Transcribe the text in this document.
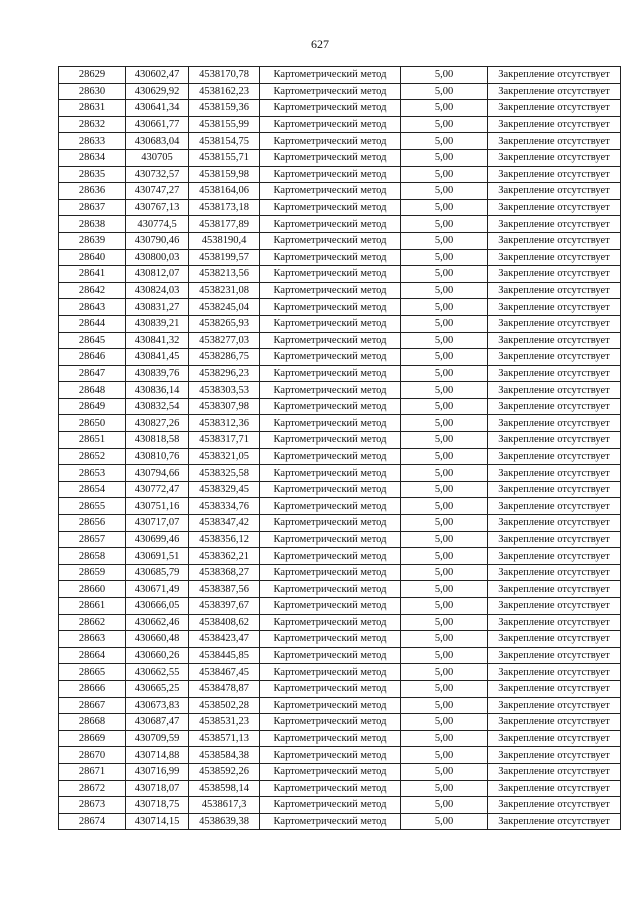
627
28629	430602,47	4538170,78	Картометрический метод	5,00	Закрепление отсутствует
28630	430629,92	4538162,23	Картометрический метод	5,00	Закрепление отсутствует
28631	430641,34	4538159,36	Картометрический метод	5,00	Закрепление отсутствует
28632	430661,77	4538155,99	Картометрический метод	5,00	Закрепление отсутствует
28633	430683,04	4538154,75	Картометрический метод	5,00	Закрепление отсутствует
28634	430705	4538155,71	Картометрический метод	5,00	Закрепление отсутствует
28635	430732,57	4538159,98	Картометрический метод	5,00	Закрепление отсутствует
28636	430747,27	4538164,06	Картометрический метод	5,00	Закрепление отсутствует
28637	430767,13	4538173,18	Картометрический метод	5,00	Закрепление отсутствует
28638	430774,5	4538177,89	Картометрический метод	5,00	Закрепление отсутствует
28639	430790,46	4538190,4	Картометрический метод	5,00	Закрепление отсутствует
28640	430800,03	4538199,57	Картометрический метод	5,00	Закрепление отсутствует
28641	430812,07	4538213,56	Картометрический метод	5,00	Закрепление отсутствует
28642	430824,03	4538231,08	Картометрический метод	5,00	Закрепление отсутствует
28643	430831,27	4538245,04	Картометрический метод	5,00	Закрепление отсутствует
28644	430839,21	4538265,93	Картометрический метод	5,00	Закрепление отсутствует
28645	430841,32	4538277,03	Картометрический метод	5,00	Закрепление отсутствует
28646	430841,45	4538286,75	Картометрический метод	5,00	Закрепление отсутствует
28647	430839,76	4538296,23	Картометрический метод	5,00	Закрепление отсутствует
28648	430836,14	4538303,53	Картометрический метод	5,00	Закрепление отсутствует
28649	430832,54	4538307,98	Картометрический метод	5,00	Закрепление отсутствует
28650	430827,26	4538312,36	Картометрический метод	5,00	Закрепление отсутствует
28651	430818,58	4538317,71	Картометрический метод	5,00	Закрепление отсутствует
28652	430810,76	4538321,05	Картометрический метод	5,00	Закрепление отсутствует
28653	430794,66	4538325,58	Картометрический метод	5,00	Закрепление отсутствует
28654	430772,47	4538329,45	Картометрический метод	5,00	Закрепление отсутствует
28655	430751,16	4538334,76	Картометрический метод	5,00	Закрепление отсутствует
28656	430717,07	4538347,42	Картометрический метод	5,00	Закрепление отсутствует
28657	430699,46	4538356,12	Картометрический метод	5,00	Закрепление отсутствует
28658	430691,51	4538362,21	Картометрический метод	5,00	Закрепление отсутствует
28659	430685,79	4538368,27	Картометрический метод	5,00	Закрепление отсутствует
28660	430671,49	4538387,56	Картометрический метод	5,00	Закрепление отсутствует
28661	430666,05	4538397,67	Картометрический метод	5,00	Закрепление отсутствует
28662	430662,46	4538408,62	Картометрический метод	5,00	Закрепление отсутствует
28663	430660,48	4538423,47	Картометрический метод	5,00	Закрепление отсутствует
28664	430660,26	4538445,85	Картометрический метод	5,00	Закрепление отсутствует
28665	430662,55	4538467,45	Картометрический метод	5,00	Закрепление отсутствует
28666	430665,25	4538478,87	Картометрический метод	5,00	Закрепление отсутствует
28667	430673,83	4538502,28	Картометрический метод	5,00	Закрепление отсутствует
28668	430687,47	4538531,23	Картометрический метод	5,00	Закрепление отсутствует
28669	430709,59	4538571,13	Картометрический метод	5,00	Закрепление отсутствует
28670	430714,88	4538584,38	Картометрический метод	5,00	Закрепление отсутствует
28671	430716,99	4538592,26	Картометрический метод	5,00	Закрепление отсутствует
28672	430718,07	4538598,14	Картометрический метод	5,00	Закрепление отсутствует
28673	430718,75	4538617,3	Картометрический метод	5,00	Закрепление отсутствует
28674	430714,15	4538639,38	Картометрический метод	5,00	Закрепление отсутствует
